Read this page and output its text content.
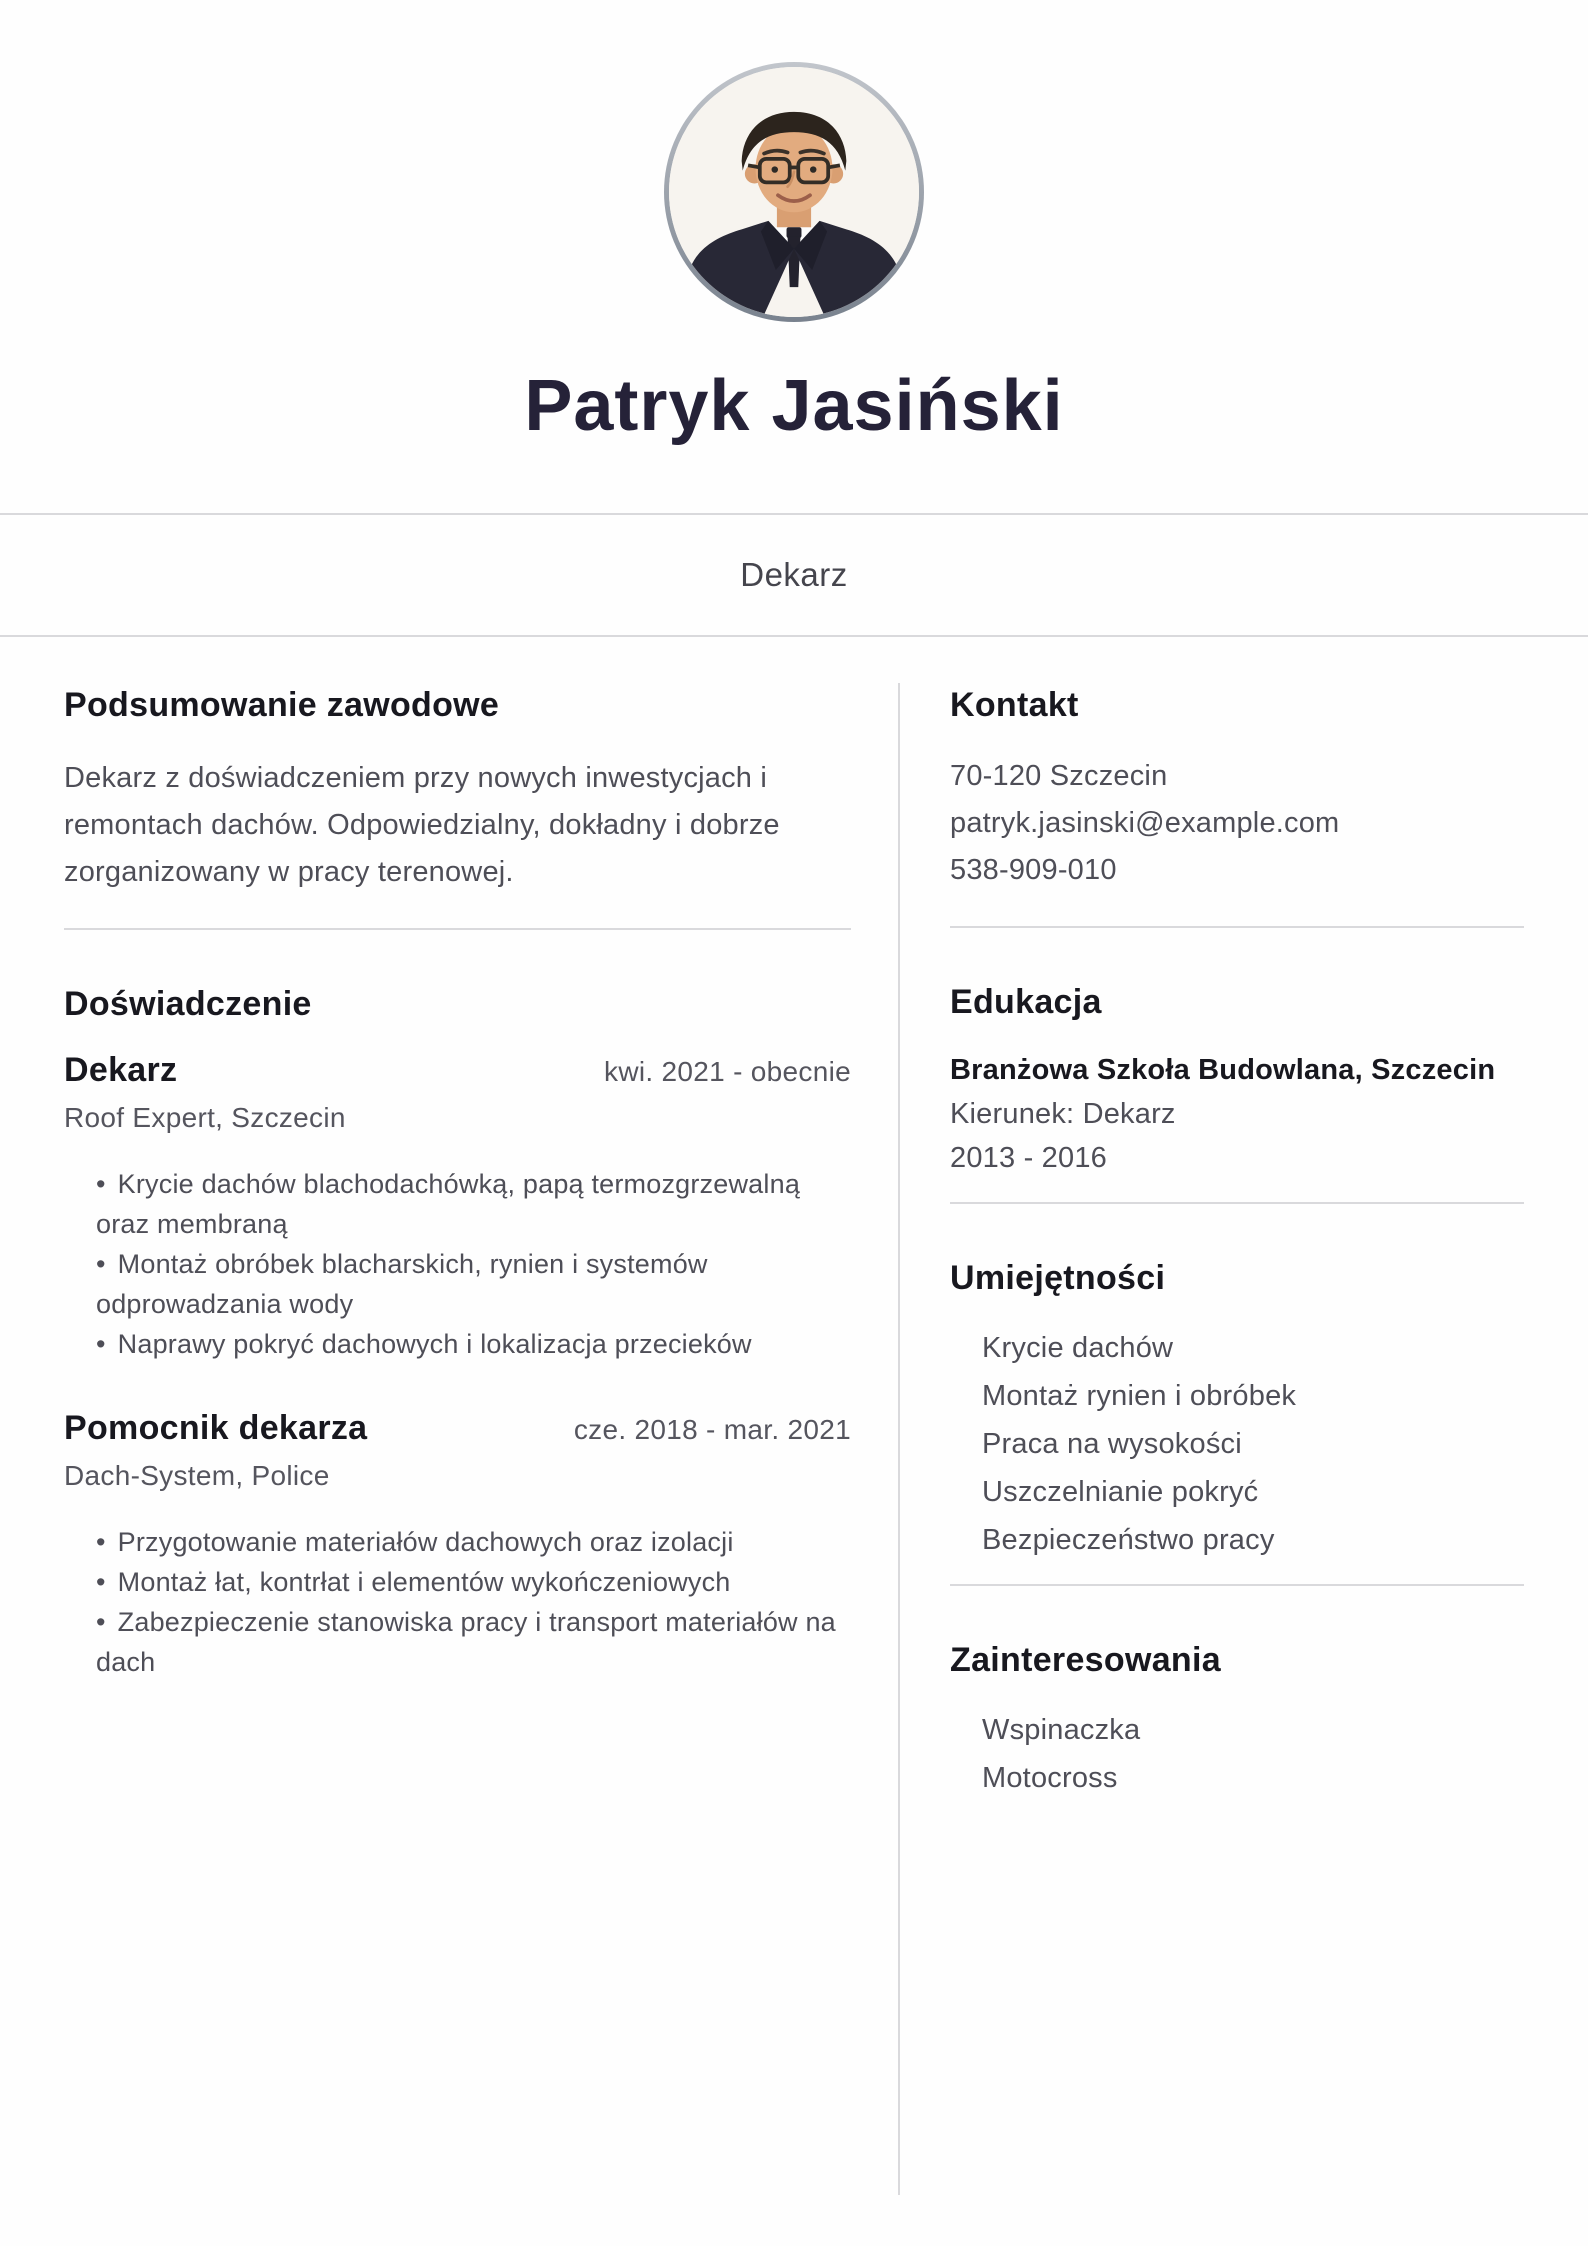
Patryk Jasiński
Dekarz
Podsumowanie zawodowe

Dekarz z doświadczeniem przy nowych inwestycjach i remontach dachów. Odpowiedzialny, dokładny i dobrze zorganizowany w pracy terenowej.

Doświadczenie
Dekarz	kwi. 2021 - obecnie
Roof Expert, Szczecin
• Krycie dachów blachodachówką, papą termozgrzewalną oraz membraną
• Montaż obróbek blacharskich, rynien i systemów odprowadzania wody
• Naprawy pokryć dachowych i lokalizacja przecieków
Pomocnik dekarza	cze. 2018 - mar. 2021
Dach-System, Police
• Przygotowanie materiałów dachowych oraz izolacji
• Montaż łat, kontrłat i elementów wykończeniowych
• Zabezpieczenie stanowiska pracy i transport materiałów na dach
Kontakt
70-120 Szczecin
patryk.jasinski@example.com
538-909-010
Edukacja
Branżowa Szkoła Budowlana, Szczecin
Kierunek: Dekarz
2013 - 2016
Umiejętności
Krycie dachów
Montaż rynien i obróbek
Praca na wysokości
Uszczelnianie pokryć
Bezpieczeństwo pracy
Zainteresowania
Wspinaczka
Motocross
